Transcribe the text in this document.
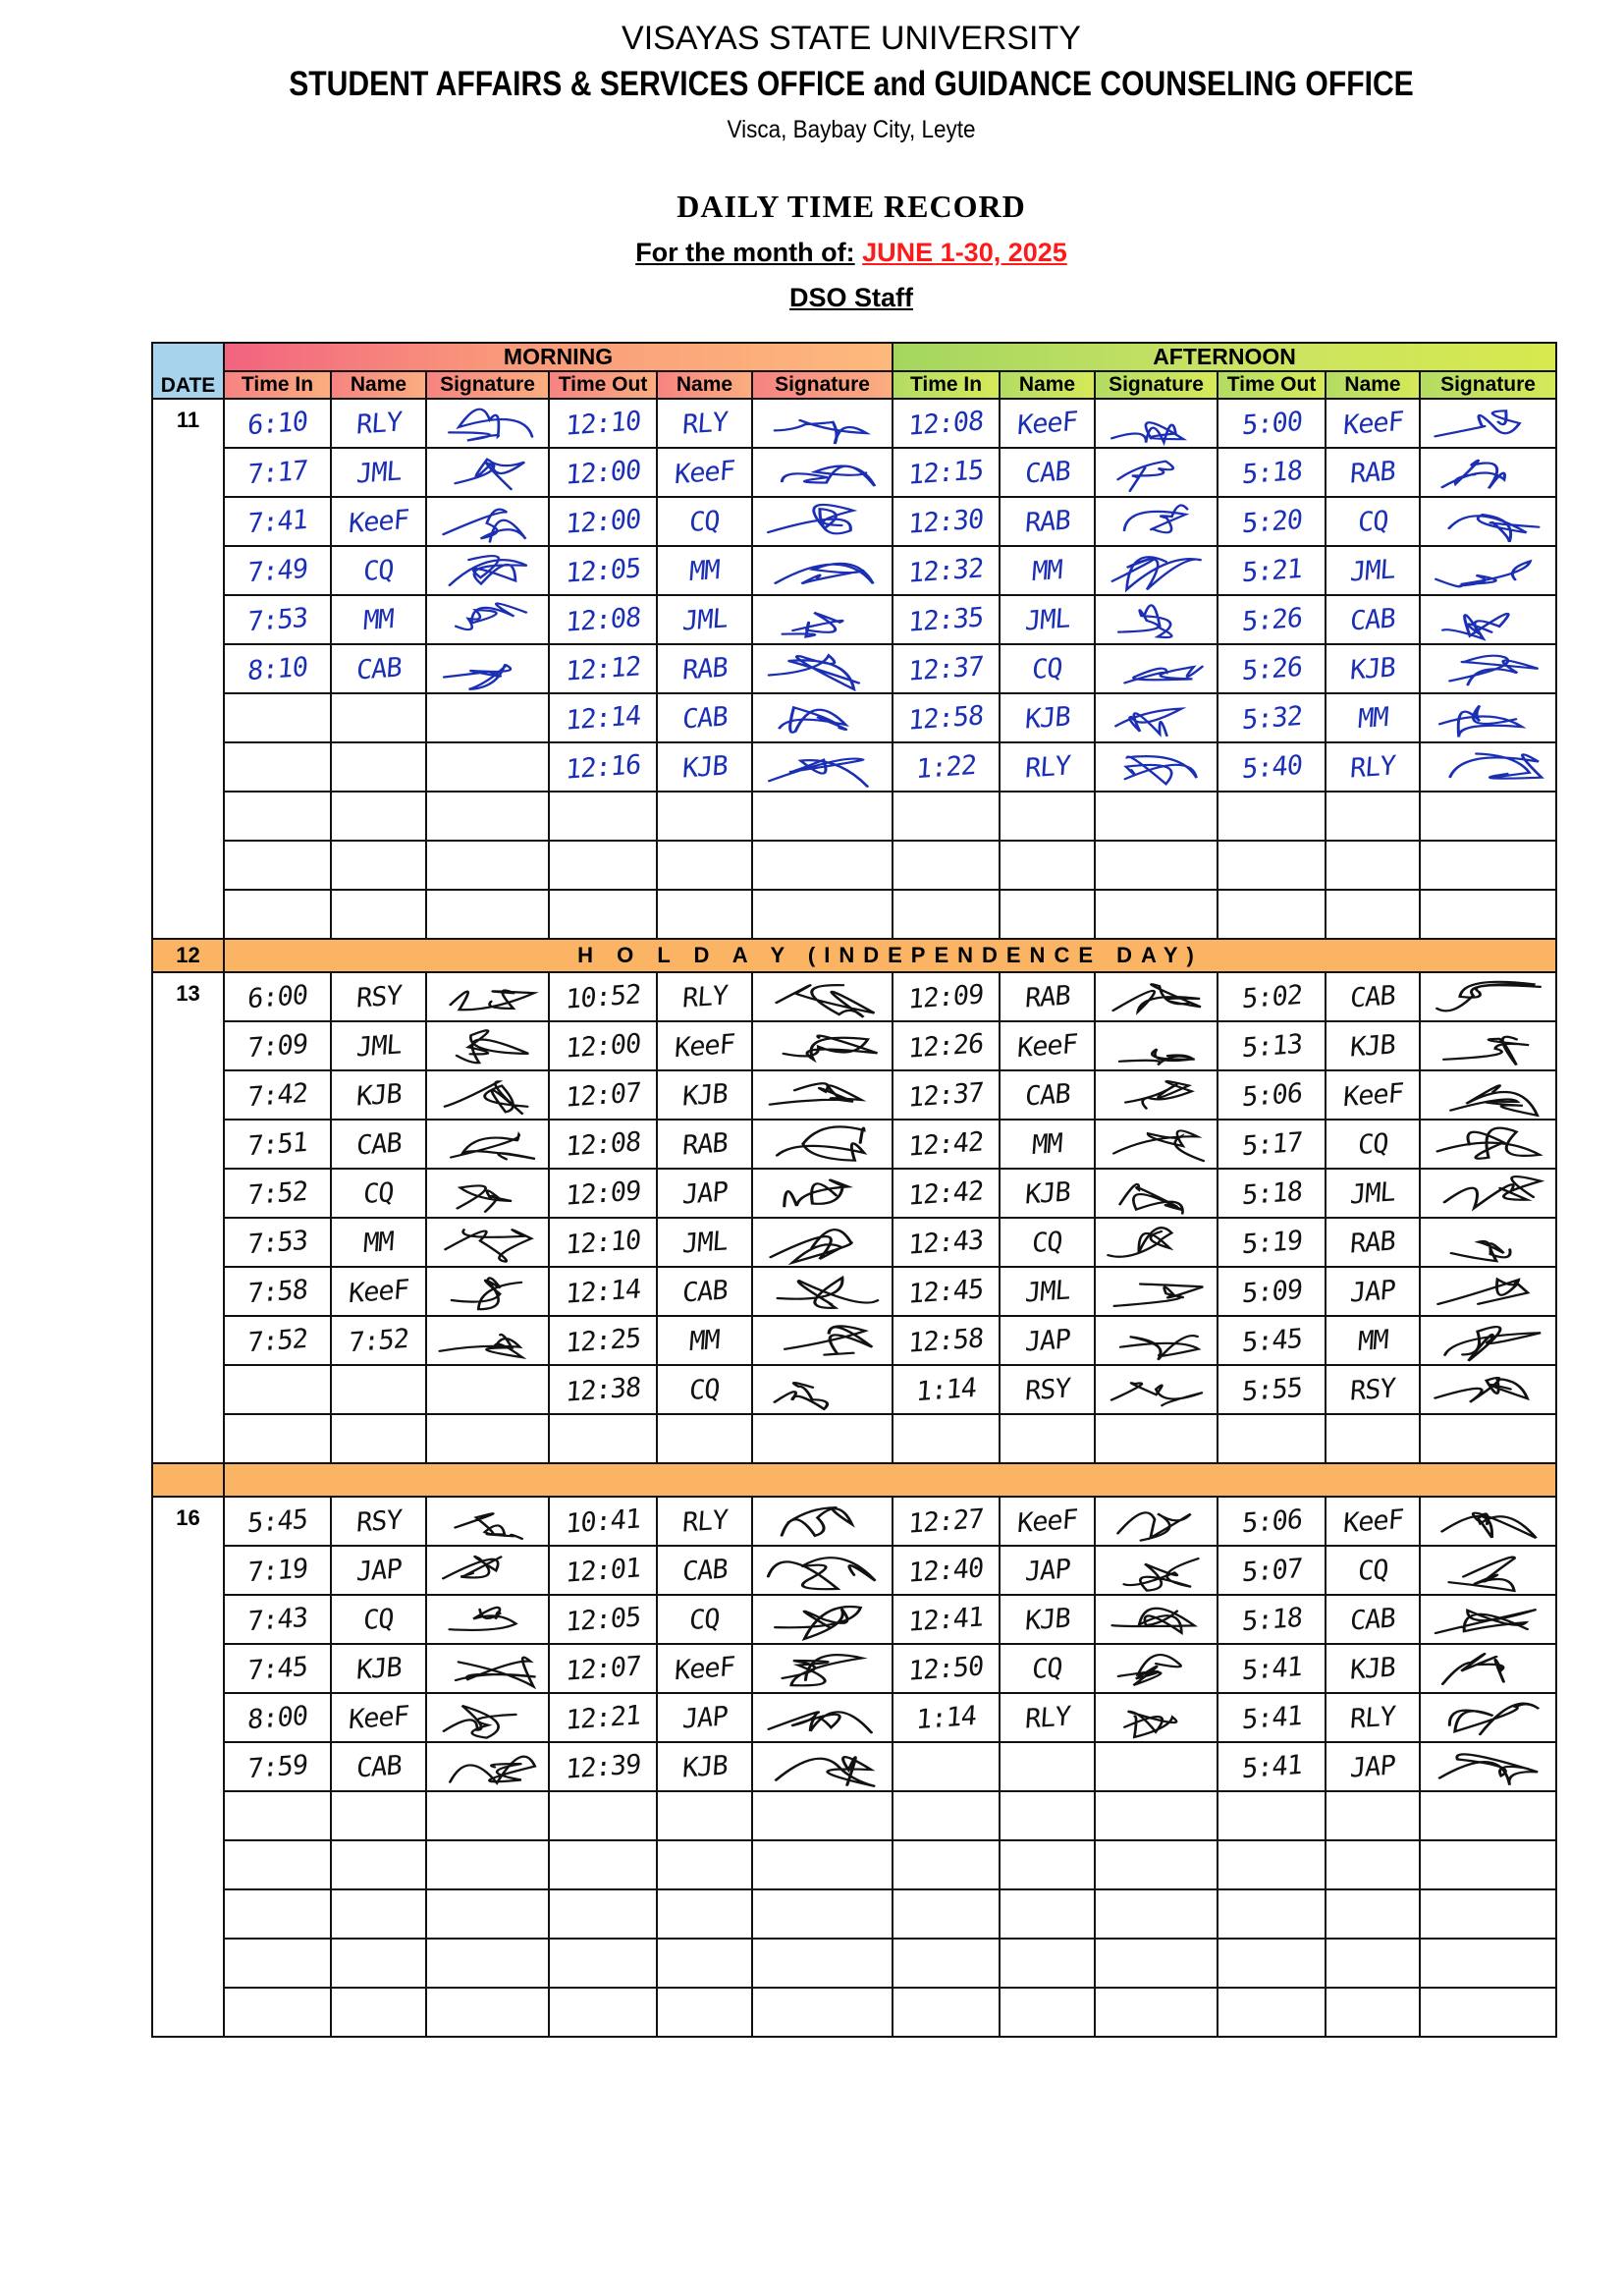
VISAYAS STATE UNIVERSITY
STUDENT AFFAIRS & SERVICES OFFICE and GUIDANCE COUNSELING OFFICE
Visca, Baybay City, Leyte
DAILY TIME RECORD
For the month of: JUNE 1-30, 2025
DSO Staff
DATE	MORNING						AFTERNOON					
	Time In	Name	Signature	Time Out	Name	Signature	Time In	Name	Signature	Time Out	Name	Signature
11	6:10	RLY		12:10	RLY		12:08	KeeF		5:00	KeeF	

	7:17	JML		12:00	KeeF		12:15	CAB		5:18	RAB	

	7:41	KeeF		12:00	CQ		12:30	RAB		5:20	CQ	

	7:49	CQ		12:05	MM		12:32	MM		5:21	JML	

	7:53	MM		12:08	JML		12:35	JML		5:26	CAB	

	8:10	CAB		12:12	RAB		12:37	CQ		5:26	KJB	

				12:14	CAB		12:58	KJB		5:32	MM	

				12:16	KJB		1:22	RLY		5:40	RLY	

12	H O L D A Y (INDEPENDENCE DAY)											
13	6:00	RSY		10:52	RLY		12:09	RAB		5:02	CAB	

	7:09	JML		12:00	KeeF		12:26	KeeF		5:13	KJB	

	7:42	KJB		12:07	KJB		12:37	CAB		5:06	KeeF	

	7:51	CAB		12:08	RAB		12:42	MM		5:17	CQ	

	7:52	CQ		12:09	JAP		12:42	KJB		5:18	JML	

	7:53	MM		12:10	JML		12:43	CQ		5:19	RAB	

	7:58	KeeF		12:14	CAB		12:45	JML		5:09	JAP	

	7:52	7:52		12:25	MM		12:58	JAP		5:45	MM	

				12:38	CQ		1:14	RSY		5:55	RSY	

16	5:45	RSY		10:41	RLY		12:27	KeeF		5:06	KeeF	

	7:19	JAP		12:01	CAB		12:40	JAP		5:07	CQ	

	7:43	CQ		12:05	CQ		12:41	KJB		5:18	CAB	

	7:45	KJB		12:07	KeeF		12:50	CQ		5:41	KJB	

	8:00	KeeF		12:21	JAP		1:14	RLY		5:41	RLY	

	7:59	CAB		12:39	KJB					5:41	JAP	
